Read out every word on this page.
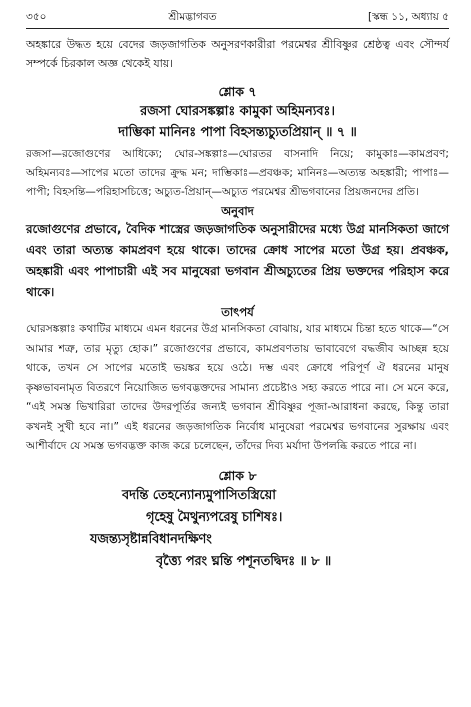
৩৫০	শ্রীমদ্ভাগবত	[স্কন্ধ ১১, অধ্যায় ৫

অহঙ্কারে উদ্ধত হয়ে বেদের জড়জাগতিক অনুসরণকারীরা পরমেশ্বর শ্রীবিষ্ণুর শ্রেষ্ঠত্ব এবং সৌন্দর্য সম্পর্কে চিরকাল অজ্ঞ থেকেই যায়।

শ্লোক ৭
রজসা ঘোরসঙ্কল্পাঃ কামুকা অহিমন্যবঃ।
দাম্ভিকা মানিনঃ পাপা বিহসন্ত্যচ্যুতপ্রিয়ান্ ॥ ৭ ॥

রজসা—রজোগুণের আধিক্যে; ঘোর-সঙ্কল্পাঃ—ঘোরতর বাসনাদি নিয়ে; কামুকাঃ—কামপ্রবণ; অহিমন্যবঃ—সাপের মতো তাদের ক্রুদ্ধ মন; দাম্ভিকাঃ—প্রবঞ্চক; মানিনঃ—অত্যন্ত অহঙ্কারী; পাপাঃ—পাপী; বিহসন্তি—পরিহাসচিত্তে; অচ্যুত-প্রিয়ান্—অচ্যুত পরমেশ্বর শ্রীভগবানের প্রিয়জনদের প্রতি।

অনুবাদ

রজোগুণের প্রভাবে, বৈদিক শাস্ত্রের জড়জাগতিক অনুসারীদের মধ্যে উগ্র মানসিকতা জাগে এবং তারা অত্যন্ত কামপ্রবণ হয়ে থাকে। তাদের ক্রোধ সাপের মতো উগ্র হয়। প্রবঞ্চক, অহঙ্কারী এবং পাপাচারী এই সব মানুষেরা ভগবান শ্রীঅচ্যুতের প্রিয় ভক্তদের পরিহাস করে থাকে।

তাৎপর্য

ঘোরসঙ্কল্পাঃ কথাটির মাধ্যমে এমন ধরনের উগ্র মানসিকতা বোঝায়, যার মাধ্যমে চিন্তা হতে থাকে—“সে আমার শত্রু, তার মৃত্যু হোক।” রজোগুণের প্রভাবে, কামপ্রবণতায় ভাবাবেগে বদ্ধজীব আচ্ছন্ন হয়ে থাকে, তখন সে সাপের মতোই ভয়ঙ্কর হয়ে ওঠে। দম্ভ এবং ক্রোধে পরিপূর্ণ ঐ ধরনের মানুষ কৃষ্ণভাবনামৃত বিতরণে নিয়োজিত ভগবদ্ভক্তদের সামান্য প্রচেষ্টাও সহ্য করতে পারে না। সে মনে করে, “এই সমস্ত ভিখারিরা তাদের উদরপূর্তির জন্যই ভগবান শ্রীবিষ্ণুর পূজা-আরাধনা করছে, কিন্তু তারা কখনই সুখী হবে না।” এই ধরনের জড়জাগতিক নির্বোধ মানুষেরা পরমেশ্বর ভগবানের সুরক্ষায় এবং আশীর্বাদে যে সমস্ত ভগবদ্ভক্ত কাজ করে চলেছেন, তাঁদের দিব্য মর্যাদা উপলব্ধি করতে পারে না।

শ্লোক ৮
বদন্তি তেহন্যোন্যমুপাসিতস্ত্রিয়ো
গৃহেষু মৈথুন্যপরেষু চাশিষঃ।
যজন্ত্যসৃষ্টান্নবিধানদক্ষিণং
বৃত্ত্যৈ পরং ঘ্নন্তি পশূনতদ্বিদঃ ॥ ৮ ॥
